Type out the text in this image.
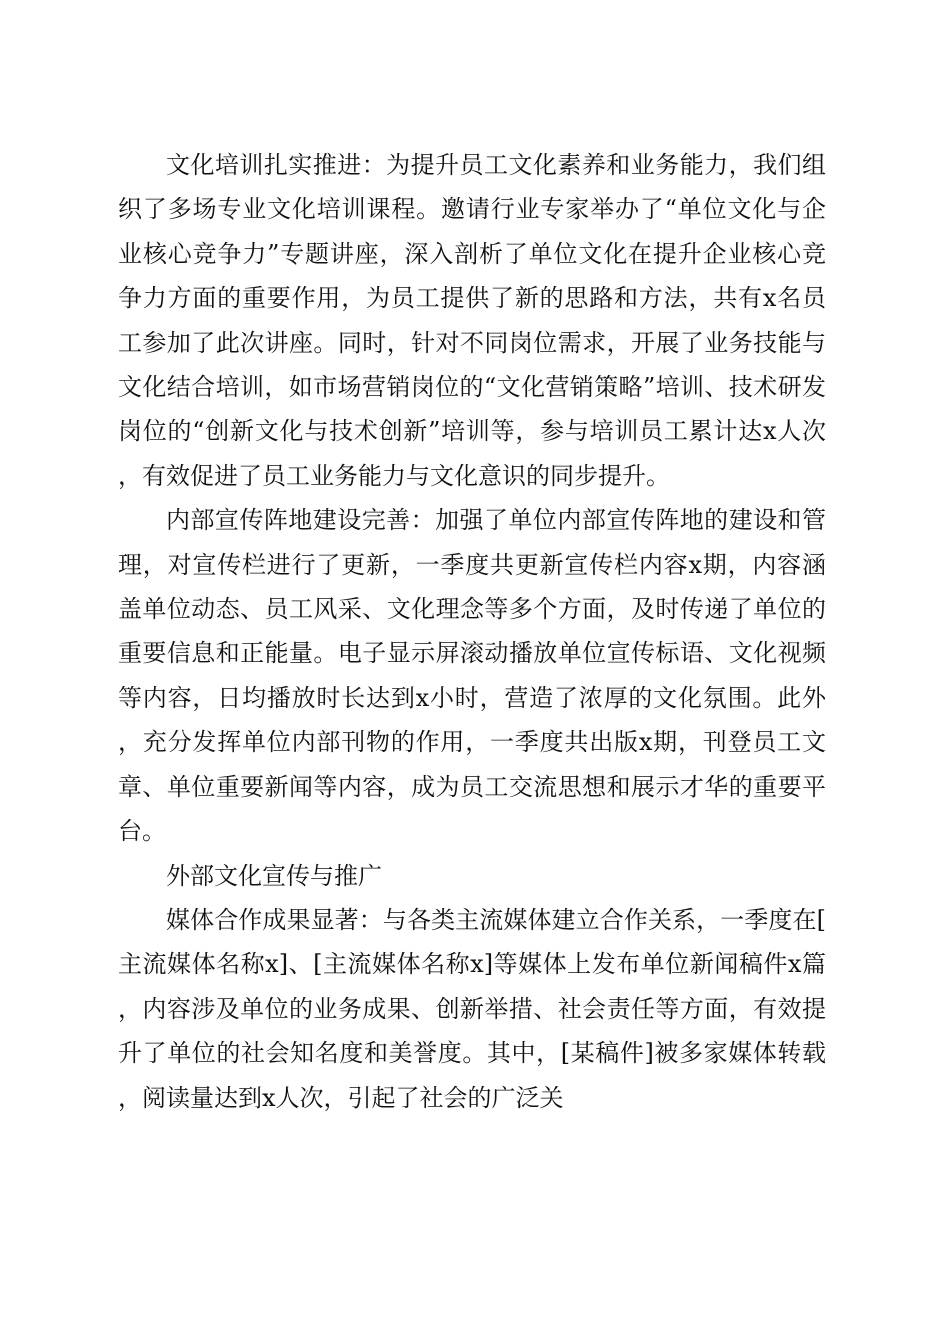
文化培训扎实推进：为提升员工文化素养和业务能力，我们组织了多场专业文化培训课程。邀请行业专家举办了“单位文化与企业核心竞争力”专题讲座，深入剖析了单位文化在提升企业核心竞争力方面的重要作用，为员工提供了新的思路和方法，共有x名员工参加了此次讲座。同时，针对不同岗位需求，开展了业务技能与文化结合培训，如市场营销岗位的“文化营销策略”培训、技术研发岗位的“创新文化与技术创新”培训等，参与培训员工累计达x人次，有效促进了员工业务能力与文化意识的同步提升。

内部宣传阵地建设完善：加强了单位内部宣传阵地的建设和管理，对宣传栏进行了更新，一季度共更新宣传栏内容x期，内容涵盖单位动态、员工风采、文化理念等多个方面，及时传递了单位的重要信息和正能量。电子显示屏滚动播放单位宣传标语、文化视频等内容，日均播放时长达到x小时，营造了浓厚的文化氛围。此外，充分发挥单位内部刊物的作用，一季度共出版x期，刊登员工文章、单位重要新闻等内容，成为员工交流思想和展示才华的重要平台。

外部文化宣传与推广

媒体合作成果显著：与各类主流媒体建立合作关系，一季度在[主流媒体名称x]、[主流媒体名称x]等媒体上发布单位新闻稿件x篇，内容涉及单位的业务成果、创新举措、社会责任等方面，有效提升了单位的社会知名度和美誉度。其中，[某稿件]被多家媒体转载，阅读量达到x人次，引起了社会的广泛关
